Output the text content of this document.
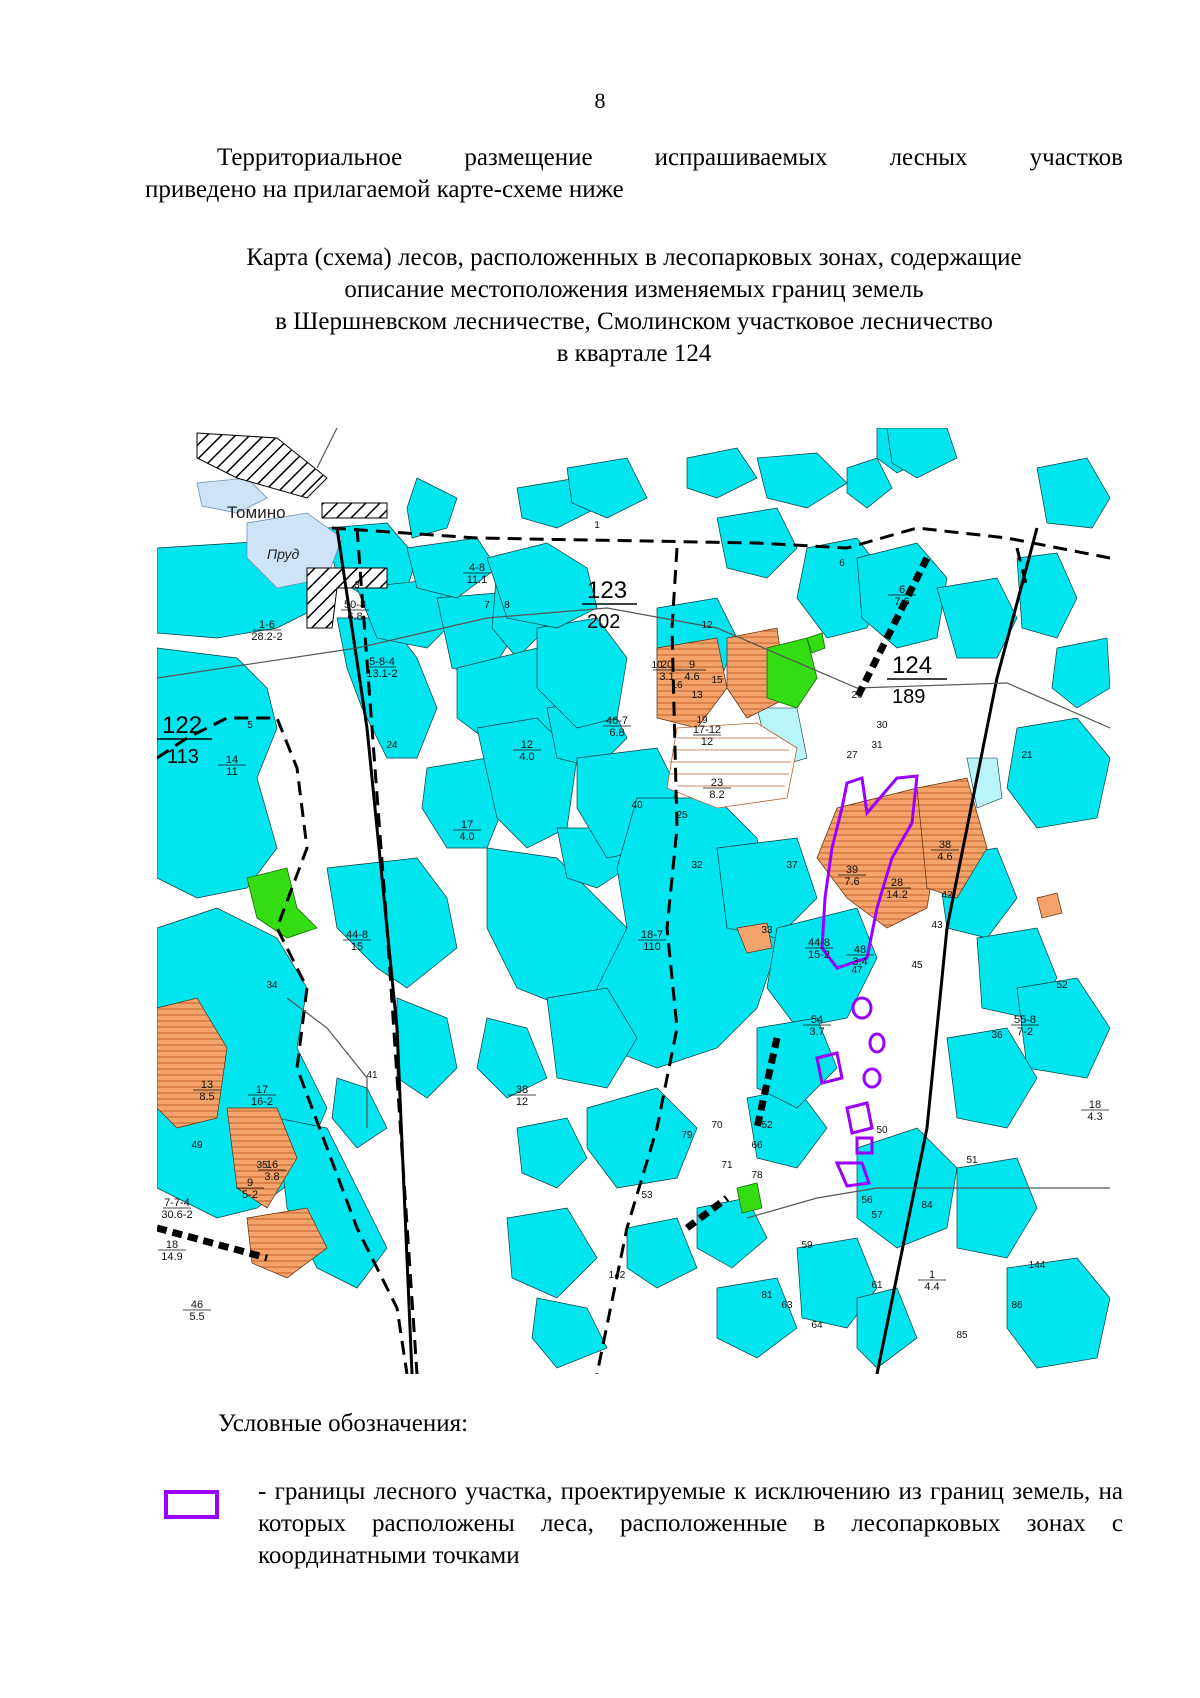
8
Территориальное размещение испрашиваемых лесных участков
приведено на прилагаемой карте-схеме ниже
Карта (схема) лесов, расположенных в лесопарковых зонах, содержащие
описание местоположения изменяемых границ земель
в Шершневском лесничестве, Смолинском участковое лесничество
в квартале 124
Томино
Пруд
123
202
124
189
122
113
4-8
11.1
50-8
6.8
1-6
28.2-2
5-8-4
13.1-2
14
11
12
4.0
17
4.0
46-7
6.8	17-12
12
23
8.2
18-7
110
44-8
15
38
12
17
16-2
13
8.5
16
3.8
9
5-2
7-7-4
30.6-2
18
14.9
46
5.5
6
7.6
39
7.6	28
14.2
44-8
15-2
54
3.7
55-8
7-2
18
4.3
20
3.1
9
4.6
38
4.6
1
4.4
48
3.4
1
3
5
6
7 8
10
12
13
15
16
19
20
21
24
25
27
30
31
32
33
34
35
36
37
40
41
42
43
45
47
49
50
51
52
53	56
57
59
61
63
64
66
70
71
78
79
81
84
85
86
142
144
52
Условные обозначения:
- границы лесного участка, проектируемые к исключению из границ земель, на которых расположены леса, расположенные в лесопарковых зонах с координатными точками
